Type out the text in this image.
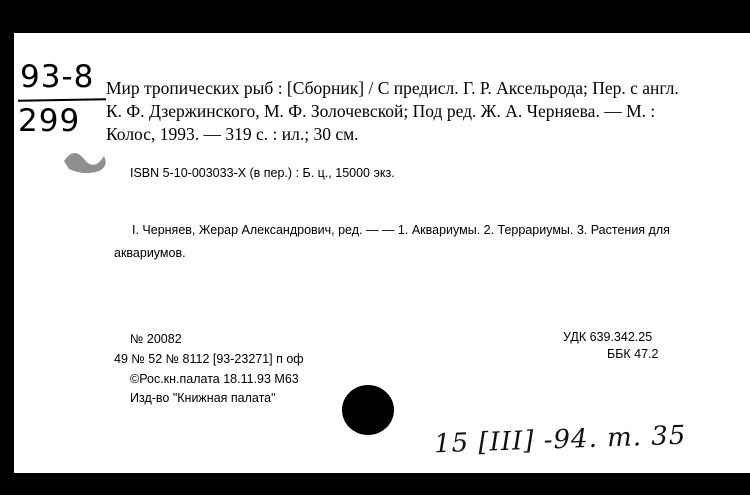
93-8
299

Мир тропических рыб : [Сборник] / С предисл. Г. Р. Аксельрода; Пер. с англ. К. Ф. Дзержинского, М. Ф. Золочевской; Под ред. Ж. А. Черняева. — М. : Колос, 1993. — 319 с. : ил.; 30 см.

ISBN 5-10-003033-X (в пер.) : Б. ц., 15000 экз.

I. Черняев, Жерар Александрович, ред. — — 1. Аквариумы. 2. Террариумы. 3. Растения для аквариумов.

№ 20082
49 № 52 № 8112 [93-23271] п оф
©Рос.кн.палата 18.11.93 М63
Изд-во "Книжная палата"
УДК 639.342.25
ББК 47.2
15 [III] -94. m. 35
